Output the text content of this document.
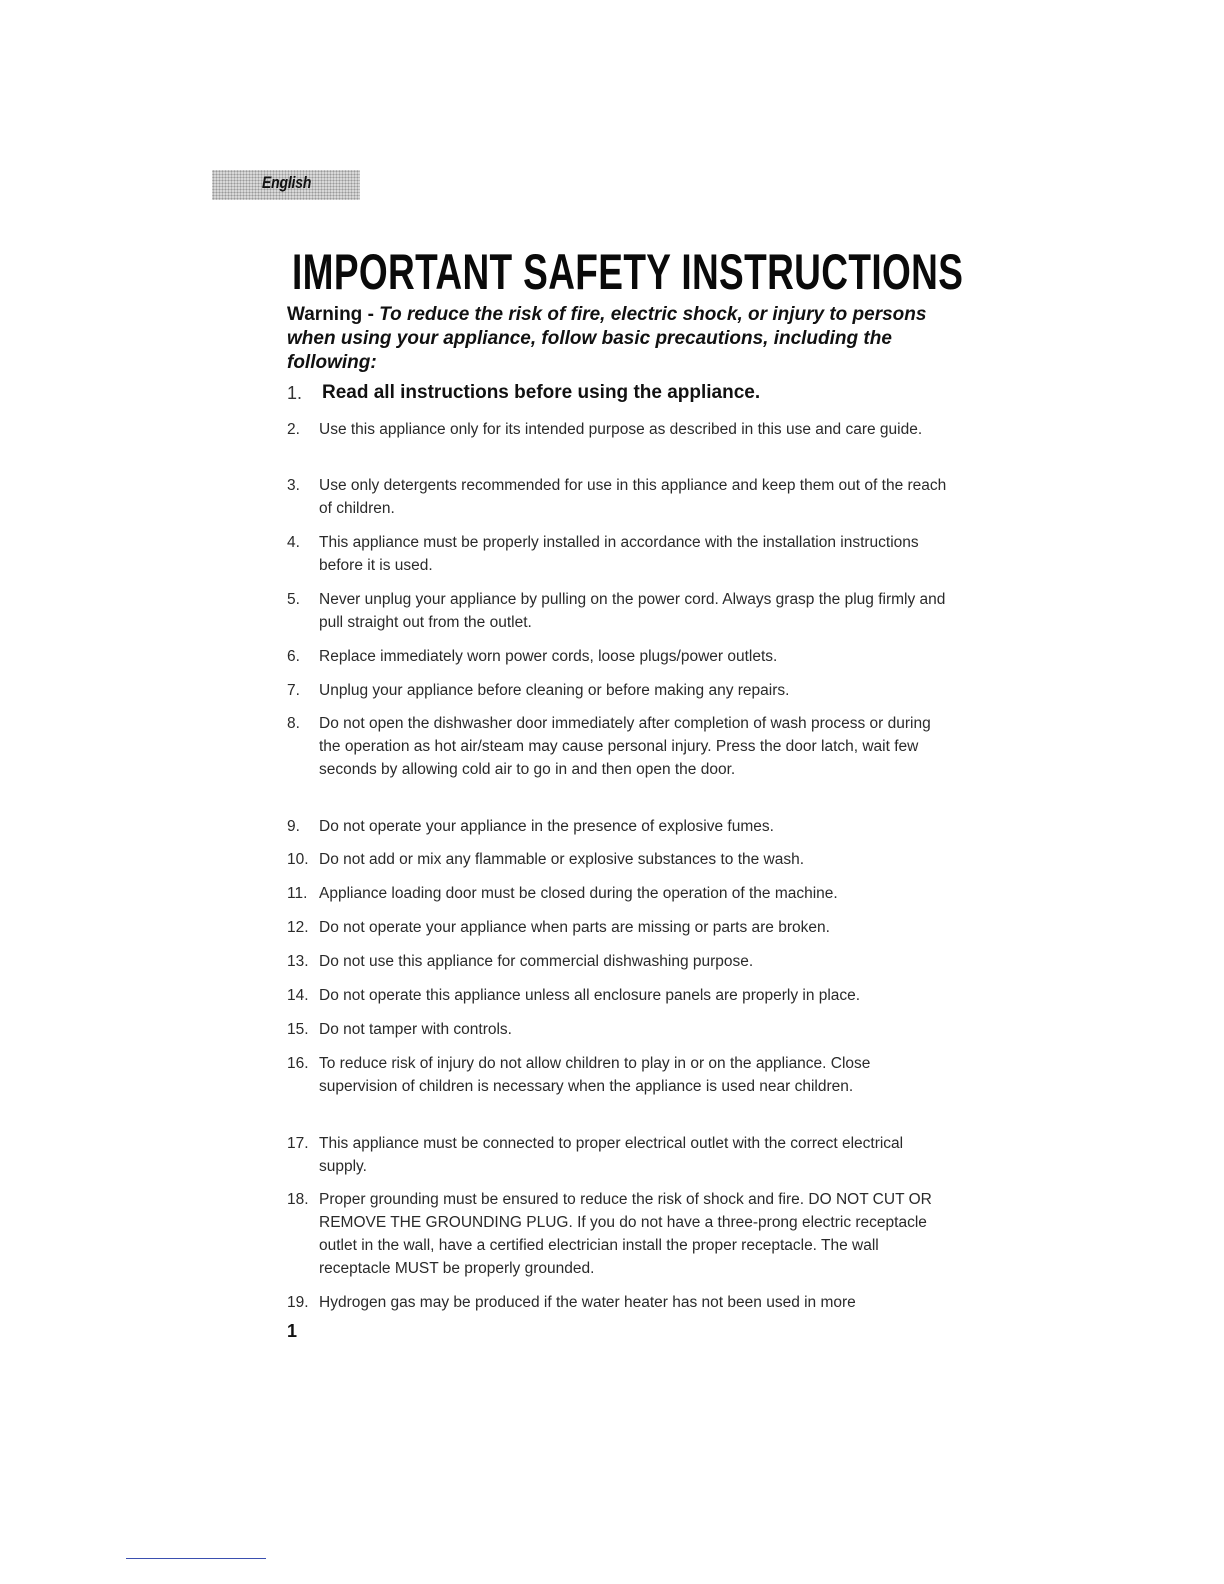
English
IMPORTANT SAFETY INSTRUCTIONS
Warning - To reduce the risk of fire, electric shock, or injury to persons when using your appliance, follow basic precautions, including the following:
1.	Read all instructions before using the appliance.
2.	Use this appliance only for its intended purpose as described in this use and care guide.
3.	Use only detergents recommended for use in this appliance and keep them out of the reach of children.
4.	This appliance must be properly installed in accordance with the installation instructions before it is used.
5.	Never unplug your appliance by pulling on the power cord. Always grasp the plug firmly and pull straight out from the outlet.
6.	Replace immediately worn power cords, loose plugs/power outlets.
7.	Unplug your appliance before cleaning or before making any repairs.
8.	Do not open the dishwasher door immediately after completion of wash process or during the operation as hot air/steam may cause personal injury. Press the door latch, wait few seconds by allowing cold air to go in and then open the door.
9.	Do not operate your appliance in the presence of explosive fumes.
10. Do not add or mix any flammable or explosive substances to the wash.
11. Appliance loading door must be closed during the operation of the machine.
12. Do not operate your appliance when parts are missing or parts are broken.
13. Do not use this appliance for commercial dishwashing purpose.
14. Do not operate this appliance unless all enclosure panels are properly in place.
15. Do not tamper with controls.
16. To reduce risk of injury do not allow children to play in or on the appliance. Close supervision of children is necessary when the appliance is used near children.
17. This appliance must be connected to proper electrical outlet with the correct electrical supply.
18. Proper grounding must be ensured to reduce the risk of shock and fire. DO NOT CUT OR REMOVE THE GROUNDING PLUG. If you do not have a three-prong electric receptacle outlet in the wall, have a certified electrician install the proper receptacle. The wall receptacle MUST be properly grounded.
19. Hydrogen gas may be produced if the water heater has not been used in more
1
